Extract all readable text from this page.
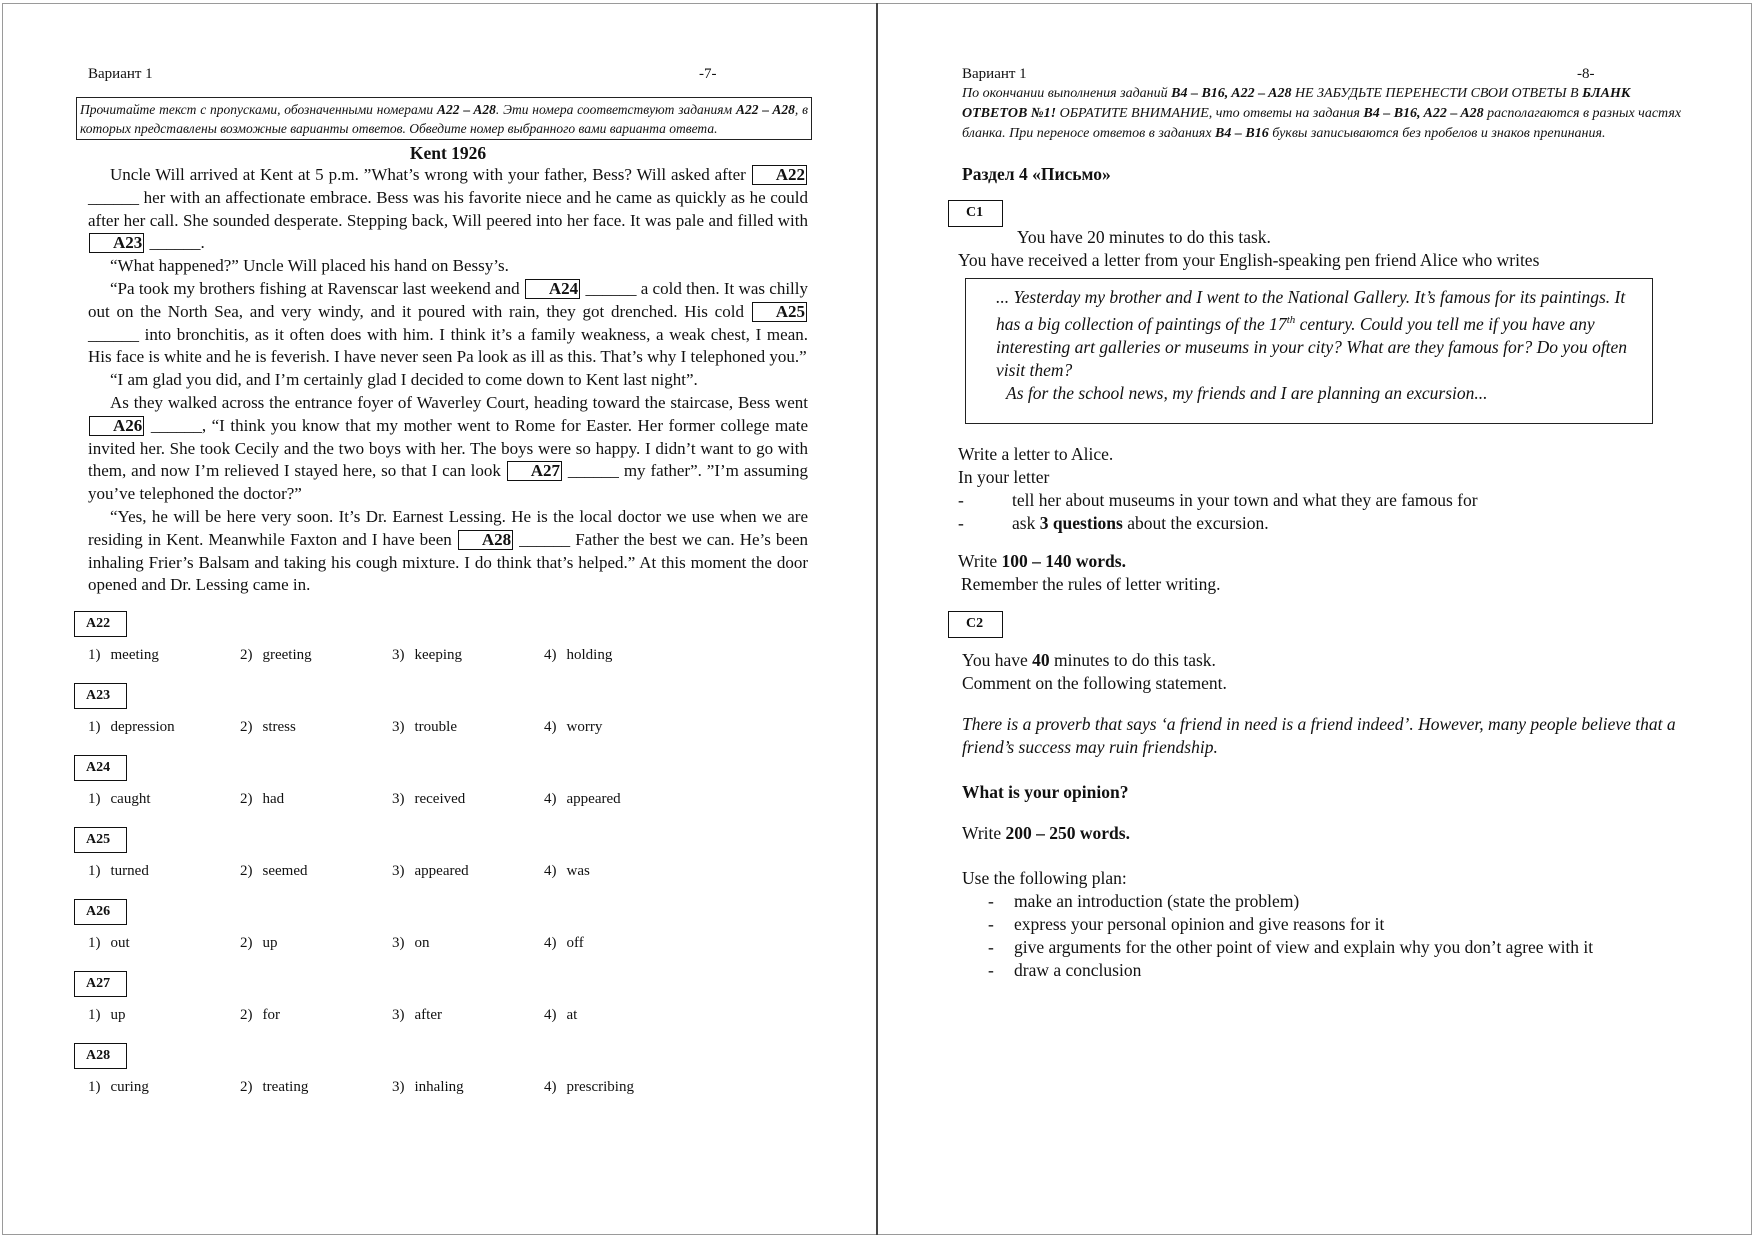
Вариант 1	-7-
Прочитайте текст с пропусками, обозначенными номерами A22 – A28. Эти номера соответствуют заданиям A22 – A28, в которых представлены возможные варианты ответов. Обведите номер выбранного вами варианта ответа.
Kent 1926

Uncle Will arrived at Kent at 5 p.m. ”What’s wrong with your father, Bess? Will asked after A22______ her with an affectionate embrace. Bess was his favorite niece and he came as quickly as he could after her call. She sounded desperate. Stepping back, Will peered into her face. It was pale and filled with A23 ______.

“What happened?” Uncle Will placed his hand on Bessy’s.

“Pa took my brothers fishing at Ravenscar last weekend and A24 ______ a cold then. It was chilly out on the North Sea, and very windy, and it poured with rain, they got drenched. His cold A25 ______ into bronchitis, as it often does with him. I think it’s a family weakness, a weak chest, I mean. His face is white and he is feverish. I have never seen Pa look as ill as this. That’s why I telephoned you.”

“I am glad you did, and I’m certainly glad I decided to come down to Kent last night”.

As they walked across the entrance foyer of Waverley Court, heading toward the staircase, Bess went A26 ______, “I think you know that my mother went to Rome for Easter. Her former college mate invited her. She took Cecily and the two boys with her. The boys were so happy. I didn’t want to go with them, and now I’m relieved I stayed here, so that I can look A27 ______ my father”. ”I’m assuming you’ve telephoned the doctor?”

“Yes, he will be here very soon. It’s Dr. Earnest Lessing. He is the local doctor we use when we are residing in Kent. Meanwhile Faxton and I have been A28 ______ Father the best we can. He’s been inhaling Frier’s Balsam and taking his cough mixture. I do think that’s helped.” At this moment the door opened and Dr. Lessing came in.

A22
1) meeting	2) greeting	3) keeping	4) holding
A23
1) depression	2) stress	3) trouble	4) worry
A24
1) caught	2) had	3) received	4) appeared
A25
1) turned	2) seemed	3) appeared	4) was
A26
1) out	2) up	3) on	4) off
A27
1) up	2) for	3) after	4) at
A28
1) curing	2) treating	3) inhaling	4) prescribing
Вариант 1	-8-
По окончании выполнения заданий B4 – B16, A22 – A28 НЕ ЗАБУДЬТЕ ПЕРЕНЕСТИ СВОИ ОТВЕТЫ В БЛАНК ОТВЕТОВ №1! ОБРАТИТЕ ВНИМАНИЕ, что ответы на задания B4 – B16, A22 – A28 располагаются в разных частях бланка. При переносе ответов в заданиях B4 – B16 буквы записываются без пробелов и знаков препинания.
Раздел 4 «Письмо»
C1
You have 20 minutes to do this task.
You have received a letter from your English-speaking pen friend Alice who writes
... Yesterday my brother and I went to the National Gallery. It’s famous for its paintings. It has a big collection of paintings of the 17th century. Could you tell me if you have any interesting art galleries or museums in your city? What are they famous for? Do you often visit them?
As for the school news, my friends and I are planning an excursion...
Write a letter to Alice.
In your letter
-	tell her about museums in your town and what they are famous for
-	ask 3 questions about the excursion.
Write 100 – 140 words.
Remember the rules of letter writing.
C2
You have 40 minutes to do this task.
Comment on the following statement.
There is a proverb that says ‘a friend in need is a friend indeed’. However, many people believe that a friend’s success may ruin friendship.
What is your opinion?
Write 200 – 250 words.
Use the following plan:
- make an introduction (state the problem)
- express your personal opinion and give reasons for it
- give arguments for the other point of view and explain why you don’t agree with it
- draw a conclusion
